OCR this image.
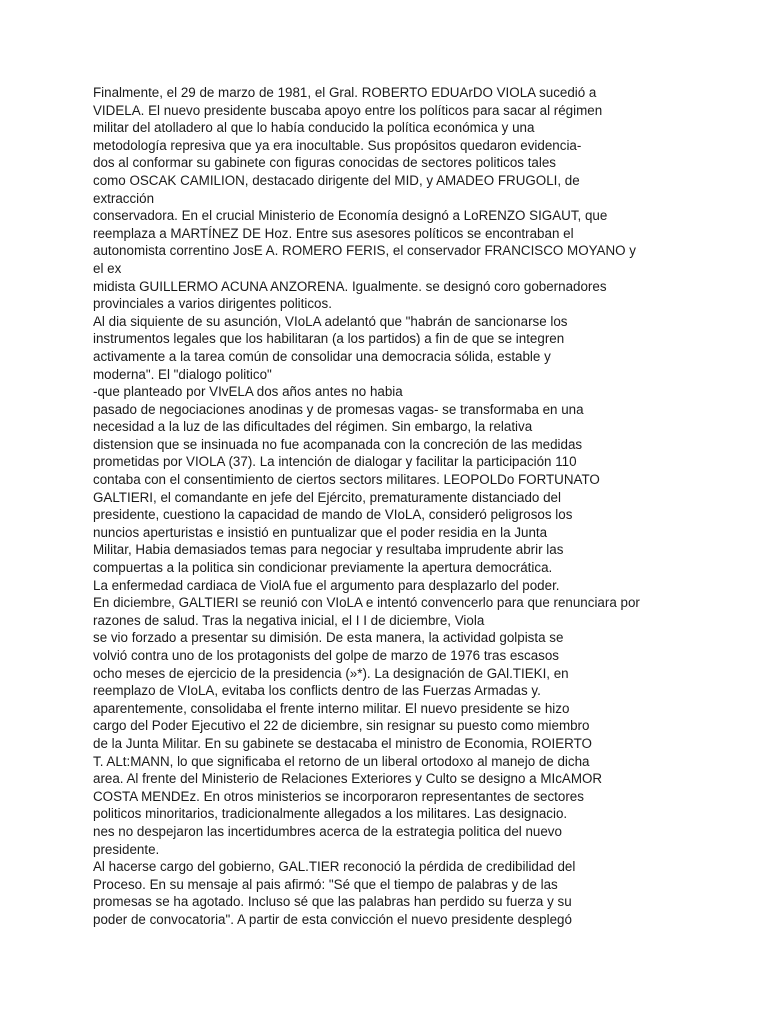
Finalmente, el 29 de marzo de 1981, el Gral. ROBERTO EDUArDO VIOLA sucedió a
VIDELA. El nuevo presidente buscaba apoyo entre los políticos para sacar al régimen
militar del atolladero al que lo había conducido la política económica y una
metodología represiva que ya era inocultable. Sus propósitos quedaron evidencia-
dos al conformar su gabinete con figuras conocidas de sectores politicos tales
como OSCAK CAMILION, destacado dirigente del MID, y AMADEO FRUGOLI, de
extracción
conservadora. En el crucial Ministerio de Economía designó a LoRENZO SIGAUT, que
reemplaza a MARTÍNEZ DE Hoz. Entre sus asesores políticos se encontraban el
autonomista correntino JosE A. ROMERO FERIS, el conservador FRANCISCO MOYANO y
el ex
midista GUILLERMO ACUNA ANZORENA. Igualmente. se designó coro gobernadores
provinciales a varios dirigentes politicos.
Al dia siquiente de su asunción, VIoLA adelantó que "habrán de sancionarse los
instrumentos legales que los habilitaran (a los partidos) a fin de que se integren
activamente a la tarea común de consolidar una democracia sólida, estable y
moderna". El "dialogo politico"
-que planteado por VIvELA dos años antes no habia
pasado de negociaciones anodinas y de promesas vagas- se transformaba en una
necesidad a la luz de las dificultades del régimen. Sin embargo, la relativa
distension que se insinuada no fue acompanada con la concreción de las medidas
prometidas por VIOLA (37). La intención de dialogar y facilitar la participación 110
contaba con el consentimiento de ciertos sectors militares. LEOPOLDo FORTUNATO
GALTIERI, el comandante en jefe del Ejército, prematuramente distanciado del
presidente, cuestiono la capacidad de mando de VIoLA, consideró peligrosos los
nuncios aperturistas e insistió en puntualizar que el poder residia en la Junta
Militar, Habia demasiados temas para negociar y resultaba imprudente abrir las
compuertas a la politica sin condicionar previamente la apertura democrática.
La enfermedad cardiaca de ViolA fue el argumento para desplazarlo del poder.
En diciembre, GALTIERI se reunió con VIoLA e intentó convencerlo para que renunciara por
razones de salud. Tras la negativa inicial, el I I de diciembre, Viola
se vio forzado a presentar su dimisión. De esta manera, la actividad golpista se
volvió contra uno de los protagonists del golpe de marzo de 1976 tras escasos
ocho meses de ejercicio de la presidencia (»*). La designación de GAl.TIEKI, en
reemplazo de VIoLA, evitaba los conflicts dentro de las Fuerzas Armadas y.
aparentemente, consolidaba el frente interno militar. El nuevo presidente se hizo
cargo del Poder Ejecutivo el 22 de diciembre, sin resignar su puesto como miembro
de la Junta Militar. En su gabinete se destacaba el ministro de Economia, ROIERTO
T. ALt:MANN, lo que significaba el retorno de un liberal ortodoxo al manejo de dicha
area. Al frente del Ministerio de Relaciones Exteriores y Culto se designo a MIcAMOR
COSTA MENDEz. En otros ministerios se incorporaron representantes de sectores
politicos minoritarios, tradicionalmente allegados a los militares. Las designacio.
nes no despejaron las incertidumbres acerca de la estrategia politica del nuevo
presidente.
Al hacerse cargo del gobierno, GAL.TIER reconoció la pérdida de credibilidad del
Proceso. En su mensaje al pais afirmó: "Sé que el tiempo de palabras y de las
promesas se ha agotado. Incluso sé que las palabras han perdido su fuerza y su
poder de convocatoria". A partir de esta convicción el nuevo presidente desplegó
